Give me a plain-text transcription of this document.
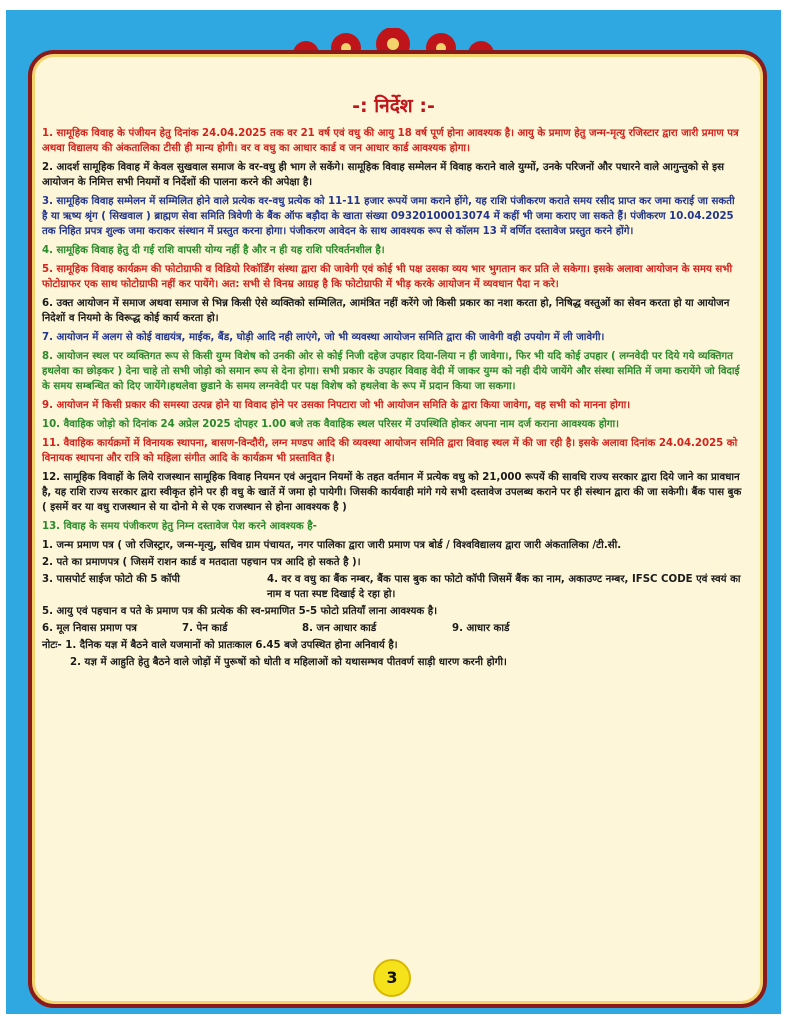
-: निर्देश :-

1. सामूहिक विवाह के पंजीयन हेतु दिनांक 24.04.2025 तक वर 21 वर्ष एवं वधु की आयु 18 वर्ष पूर्ण होना आवश्यक है। आयु के प्रमाण हेतु जन्म-मृत्यु रजिस्टार द्वारा जारी प्रमाण पत्र अथवा विद्यालय की अंकतालिका टीसी ही मान्य होगी। वर व वधु का आधार कार्ड व जन आधार कार्ड आवश्यक होगा।

2. आदर्श सामूहिक विवाह में केवल सुखवाल समाज के वर-वधु ही भाग ले सकेंगे। सामूहिक विवाह सम्मेलन में विवाह कराने वाले युग्मों, उनके परिजनों और पधारने वाले आगुन्तुको से इस आयोजन के निमित्त सभी नियमों व निर्देशों की पालना करने की अपेक्षा है।

3. सामूहिक विवाह सम्मेलन में सम्मिलित होने वाले प्रत्येक वर-वधु प्रत्येक को 11-11 हजार रूपयें जमा कराने होंगे, यह राशि पंजीकरण कराते समय रसीद प्राप्त कर जमा कराई जा सकती है या ऋष्य श्रृंग ( सिखवाल ) ब्राह्मण सेवा समिति त्रिवेणी के बैंक ऑफ बड़ौदा के खाता संख्या 09320100013074 में कहीं भी जमा कराए जा सकते हैं। पंजीकरण 10.04.2025 तक निहित प्रपत्र शुल्क जमा कराकर संस्थान में प्रस्तुत करना होगा। पंजीकरण आवेदन के साथ आवश्यक रूप से कॉलम 13 में वर्णित दस्तावेज प्रस्तुत करने होंगे।

4. सामूहिक विवाह हेतु दी गई राशि वापसी योग्य नहीं है और न ही यह राशि परिवर्तनशील है।

5. सामूहिक विवाह कार्यक्रम की फोटोग्राफी व विडियो रिकॉर्डिंग संस्था द्वारा की जावेगी एवं कोई भी पक्ष उसका व्यय भार भुगतान कर प्रति ले सकेगा। इसके अलावा आयोजन के समय सभी फोटोग्राफर एक साथ फोटोग्राफी नहीं कर पायेंगे। अत: सभी से विनम्र आग्रह है कि फोटोग्राफी में भीड़ करके आयोजन में व्यवधान पैदा न करे।

6. उक्त आयोजन में समाज अथवा समाज से भिन्न किसी ऐसे व्यक्तिको सम्मिलित, आमंत्रित नहीं करेंगे जो किसी प्रकार का नशा करता हो, निषिद्ध वस्तुओं का सेवन करता हो या आयोजन निदेशों व नियमो के विरूद्ध कोई कार्य करता हो।

7. आयोजन में अलग से कोई वाद्ययंत्र, माईक, बैंड, घोड़ी आदि नही लाएंगे, जो भी व्यवस्था आयोजन समिति द्वारा की जावेगी वही उपयोग में ली जावेगी।

8. आयोजन स्थल पर व्यक्तिगत रूप से किसी युग्म विशेष को उनकी ओर से कोई निजी दहेज उपहार दिया-लिया न ही जावेगा।, फिर भी यदि कोई उपहार ( लग्नवेदी पर दिये गये व्यक्तिगत हथलेवा का छोड़कर ) देना चाहे तो सभी जोड़ो को समान रूप से देना होगा। सभी प्रकार के उपहार विवाह वेदी में जाकर युग्म को नही दीये जायेंगे और संस्था समिति में जमा करायेंगे जो विदाई के समय सम्बन्धित को दिए जायेंगे।हथलेवा छुडाने के समय लग्नवेदी पर पक्ष विशेष को हथलेवा के रूप में प्रदान किया जा सकगा।

9. आयोजन में किसी प्रकार की समस्या उत्पन्न होने या विवाद होने पर उसका निपटारा जो भी आयोजन समिति के द्वारा किया जावेगा, वह सभी को मानना होगा।

10. वैवाहिक जोड़ो को दिनांक 24 अप्रेल 2025 दोपहर 1.00 बजे तक वैवाहिक स्थल परिसर में उपस्थिति होकर अपना नाम दर्ज कराना आवश्यक होगा।

11. वैवाहिक कार्यक्रमों में विनायक स्थापना, बासण-विन्दौरी, लग्न मण्डप आदि की व्यवस्था आयोजन समिति द्वारा विवाह स्थल में की जा रही है। इसके अलावा दिनांक 24.04.2025 को विनायक स्थापना और रात्रि को महिला संगीत आदि के कार्यक्रम भी प्रस्तावित है।

12. सामूहिक विवाहों के लिये राजस्थान सामूहिक विवाह नियमन एवं अनुदान नियमों के तहत वर्तमान में प्रत्येक वधु को 21,000 रूपयें की सावधि राज्य सरकार द्वारा दिये जाने का प्रावधान है, यह राशि राज्य सरकार द्वारा स्वीकृत होने पर ही वधु के खातें में जमा हो पायेगी। जिसकी कार्यवाही मांगे गये सभी दस्तावेज उपलब्ध कराने पर ही संस्थान द्वारा की जा सकेगी। बैंक पास बुक ( इसमें वर या वधु राजस्थान से या दोनो मे से एक राजस्थान से होना आवश्यक है )

13. विवाह के समय पंजीकरण हेतु निम्न दस्तावेज पेश करने आवश्यक है-

1. जन्म प्रमाण पत्र ( जो रजिस्ट्रार, जन्म-मृत्यु, सचिव ग्राम पंचायत, नगर पालिका द्वारा जारी प्रमाण पत्र बोर्ड / विश्वविद्यालय द्वारा जारी अंकतालिका /टी.सी.

2. पते का प्रमाणपत्र ( जिसमें राशन कार्ड व मतदाता पहचान पत्र आदि हो सकते है )।

3. पासपोर्ट साईज फोटो की 5 कॉपी	4. वर व वधु का बैंक नम्बर, बैंक पास बुक का फोटो कॉपी जिसमें बैंक का नाम, अकाउण्ट नम्बर, IFSC CODE एवं स्वयं का नाम व पता स्पष्ट दिखाई दे रहा हो।

5. आयु एवं पहचान व पते के प्रमाण पत्र की प्रत्येक की स्व-प्रमाणित 5-5 फोटो प्रतियाँ लाना आवश्यक है।

6. मूल निवास प्रमाण पत्र	7. पेन कार्ड	8. जन आधार कार्ड	9. आधार कार्ड

नोटः- 1. दैनिक यज्ञ में बैठने वाले यजमानों को प्रातःकाल 6.45 बजे उपस्थित होना अनिवार्य है।

2. यज्ञ में आहुति हेतु बैठने वाले जोड़ों में पुरूषों को धोती व महिलाओं को यथासम्भव पीतवर्ण साड़ी धारण करनी होगी।

3
